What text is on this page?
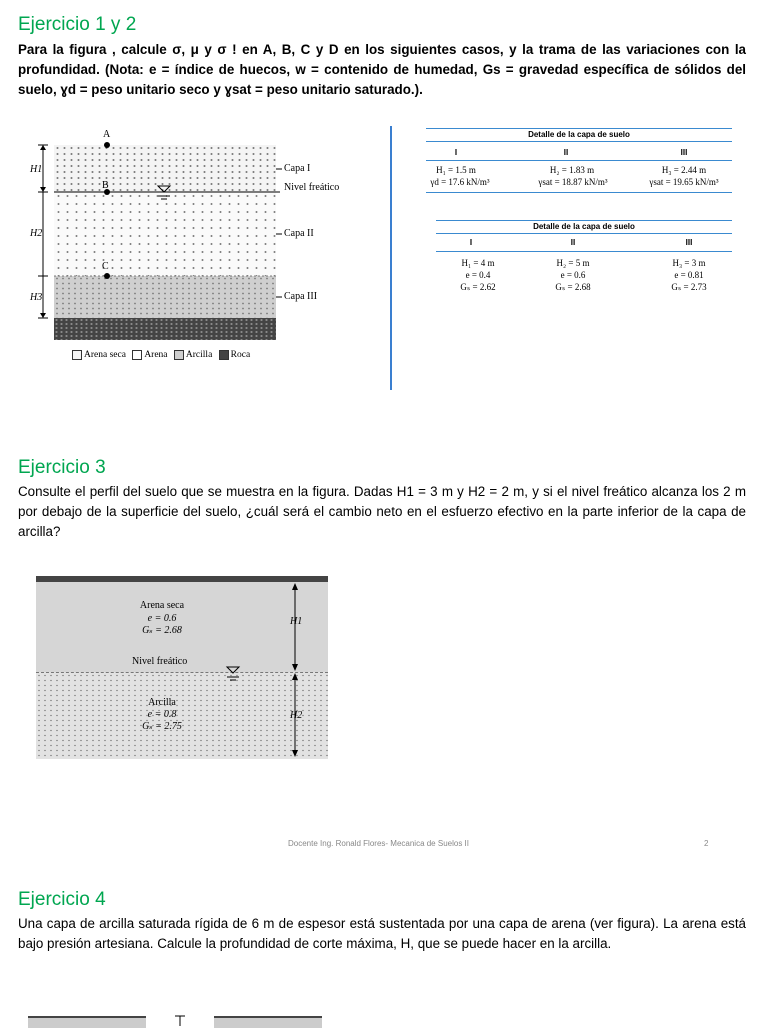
Ejercicio 1 y 2

Para la figura , calcule σ, μ y σ ! en A, B, C y D en los siguientes casos, y la trama de las variaciones con la profundidad. (Nota: e = índice de huecos, w = contenido de humedad, Gs = gravedad específica de sólidos del suelo, ɣd = peso unitario seco y ɣsat = peso unitario saturado.).

A
B
C
H1
H2
H3
Capa I
Nivel freático
Capa II
Capa III
Arena seca Arena Arcilla Roca
Detalle de la capa de suelo
I	II	III
H₁ = 1.5 m	H₂ = 1.83 m	H₃ = 2.44 m
γd = 17.6 kN/m³	γsat = 18.87 kN/m³	γsat = 19.65 kN/m³
Detalle de la capa de suelo
I	II	III
H₁ = 4 m	H₂ = 5 m	H₃ = 3 m
e = 0.4	e = 0.6	e = 0.81
Gₛ = 2.62	Gₛ = 2.68	Gₛ = 2.73
Ejercicio 3

Consulte el perfil del suelo que se muestra en la figura. Dadas H1 = 3 m y H2 = 2 m, y si el nivel freático alcanza los 2 m por debajo de la superficie del suelo, ¿cuál será el cambio neto en el esfuerzo efectivo en la parte inferior de la capa de arcilla?

Arena seca
e = 0.6
Gₛ = 2.68
Nivel freático
Arcilla
e = 0.8
Gₛ = 2.75
H1
H2
Docente Ing. Ronald Flores- Mecanica de Suelos II	2
Ejercicio 4

Una capa de arcilla saturada rígida de 6 m de espesor está sustentada por una capa de arena (ver figura). La arena está bajo presión artesiana. Calcule la profundidad de corte máxima, H, que se puede hacer en la arcilla.
